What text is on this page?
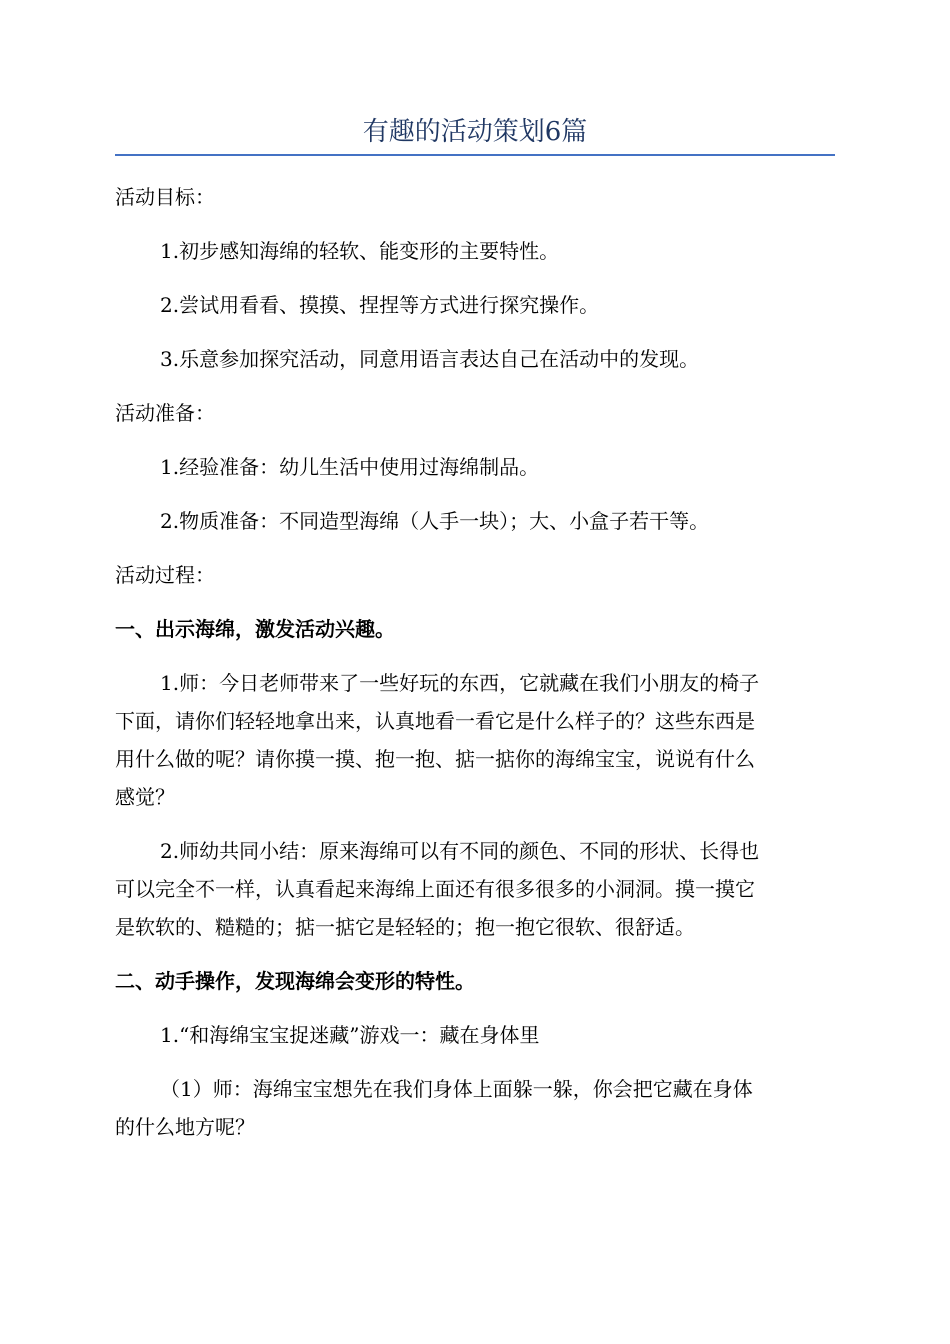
有趣的活动策划6篇
活动目标：
1.初步感知海绵的轻软、能变形的主要特性。
2.尝试用看看、摸摸、捏捏等方式进行探究操作。
3.乐意参加探究活动，同意用语言表达自己在活动中的发现。
活动准备：
1.经验准备：幼儿生活中使用过海绵制品。
2.物质准备：不同造型海绵（人手一块）；大、小盒子若干等。
活动过程：
一、出示海绵，激发活动兴趣。
1.师：今日老师带来了一些好玩的东西，它就藏在我们小朋友的椅子
下面，请你们轻轻地拿出来，认真地看一看它是什么样子的？这些东西是
用什么做的呢？请你摸一摸、抱一抱、掂一掂你的海绵宝宝，说说有什么
感觉？
2.师幼共同小结：原来海绵可以有不同的颜色、不同的形状、长得也
可以完全不一样，认真看起来海绵上面还有很多很多的小洞洞。摸一摸它
是软软的、糙糙的；掂一掂它是轻轻的；抱一抱它很软、很舒适。
二、动手操作，发现海绵会变形的特性。
1.“和海绵宝宝捉迷藏”游戏一：藏在身体里
（1）师：海绵宝宝想先在我们身体上面躲一躲，你会把它藏在身体
的什么地方呢？
